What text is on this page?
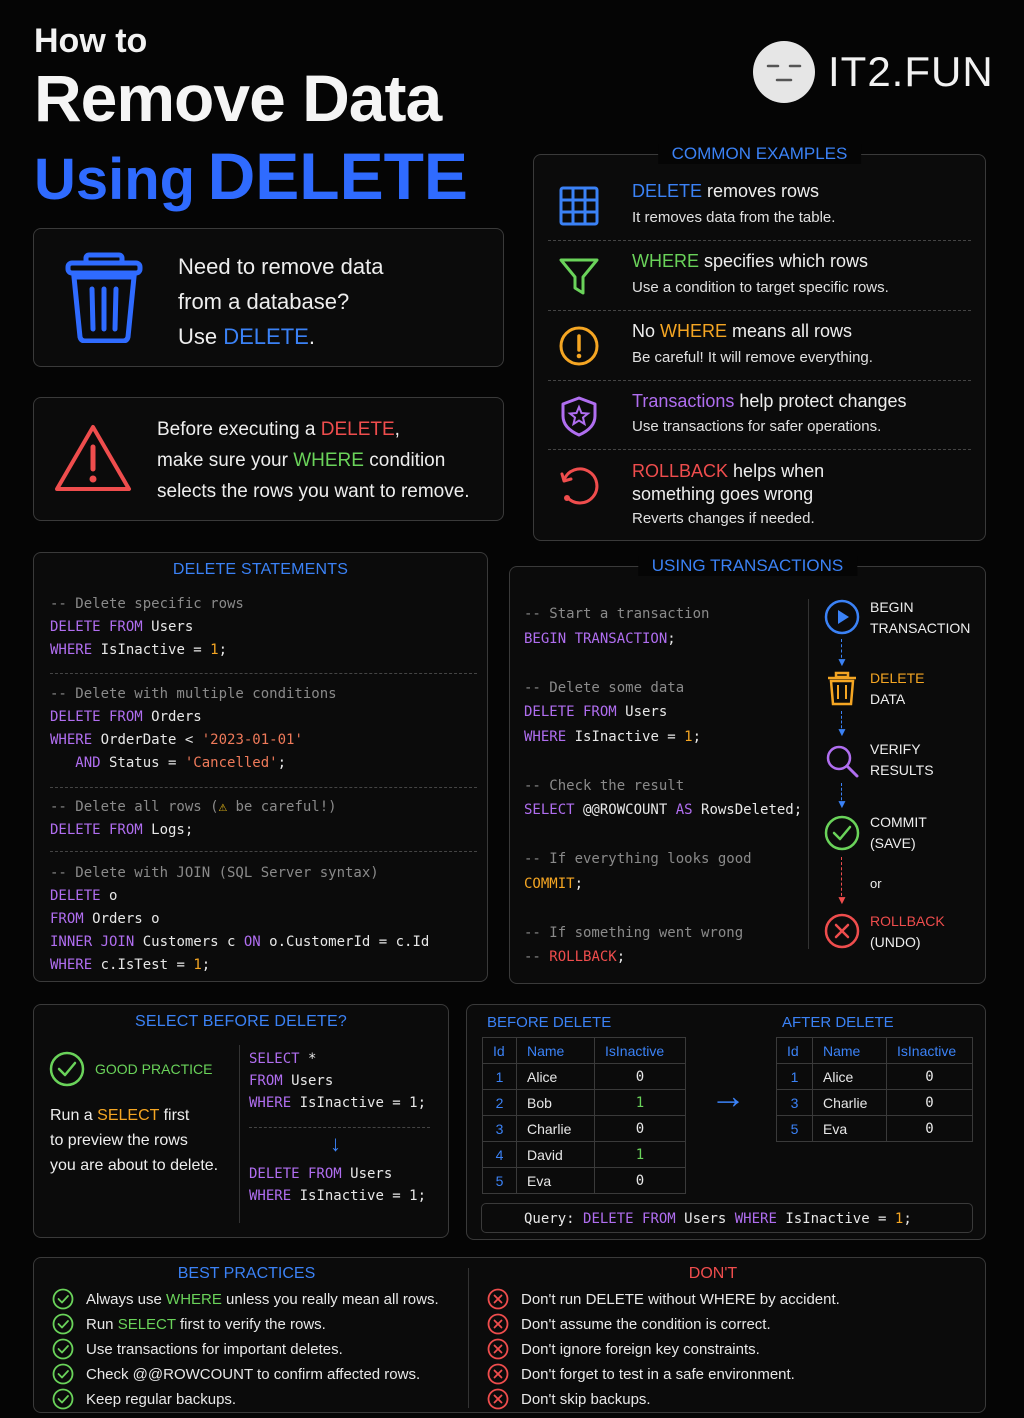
How to
Remove Data
Using DELETE
IT2.FUN
Need to remove data
from a database?
Use DELETE.
Before executing a DELETE,
make sure your WHERE condition
selects the rows you want to remove.
COMMON EXAMPLES
DELETE removes rows
It removes data from the table.
WHERE specifies which rows
Use a condition to target specific rows.
No WHERE means all rows
Be careful! It will remove everything.
Transactions help protect changes
Use transactions for safer operations.
ROLLBACK helps when
something goes wrong
Reverts changes if needed.
DELETE STATEMENTS
-- Delete specific rows
DELETE FROM Users
WHERE IsInactive = 1;
-- Delete with multiple conditions
DELETE FROM Orders
WHERE OrderDate < '2023-01-01'
AND Status = 'Cancelled';
-- Delete all rows (⚠ be careful!)
DELETE FROM Logs;
-- Delete with JOIN (SQL Server syntax)
DELETE o
FROM Orders o
INNER JOIN Customers c ON o.CustomerId = c.Id
WHERE c.IsTest = 1;
USING TRANSACTIONS
-- Start a transaction
BEGIN TRANSACTION;

-- Delete some data
DELETE FROM Users
WHERE IsInactive = 1;

-- Check the result
SELECT @@ROWCOUNT AS RowsDeleted;

-- If everything looks good
COMMIT;

-- If something went wrong
-- ROLLBACK;
BEGIN
TRANSACTION
▼
DELETE
DATA
▼
VERIFY
RESULTS
▼
COMMIT
(SAVE)
▼
or
ROLLBACK
(UNDO)
SELECT BEFORE DELETE?
GOOD PRACTICE
Run a SELECT first
to preview the rows
you are about to delete.
SELECT *
FROM Users
WHERE IsInactive = 1;
↓
DELETE FROM Users
WHERE IsInactive = 1;
BEFORE DELETE	AFTER DELETE
Id	Name	IsInactive
1	Alice	0
2	Bob	1
3	Charlie	0
4	David	1
5	Eva	0
→
Id	Name	IsInactive
1	Alice	0
3	Charlie	0
5	Eva	0
Query: DELETE FROM Users WHERE IsInactive = 1;
BEST PRACTICES	DON'T
Always use WHERE unless you really mean all rows.
Run SELECT first to verify the rows.
Use transactions for important deletes.
Check @@ROWCOUNT to confirm affected rows.
Keep regular backups.
Don't run DELETE without WHERE by accident.
Don't assume the condition is correct.
Don't ignore foreign key constraints.
Don't forget to test in a safe environment.
Don't skip backups.
